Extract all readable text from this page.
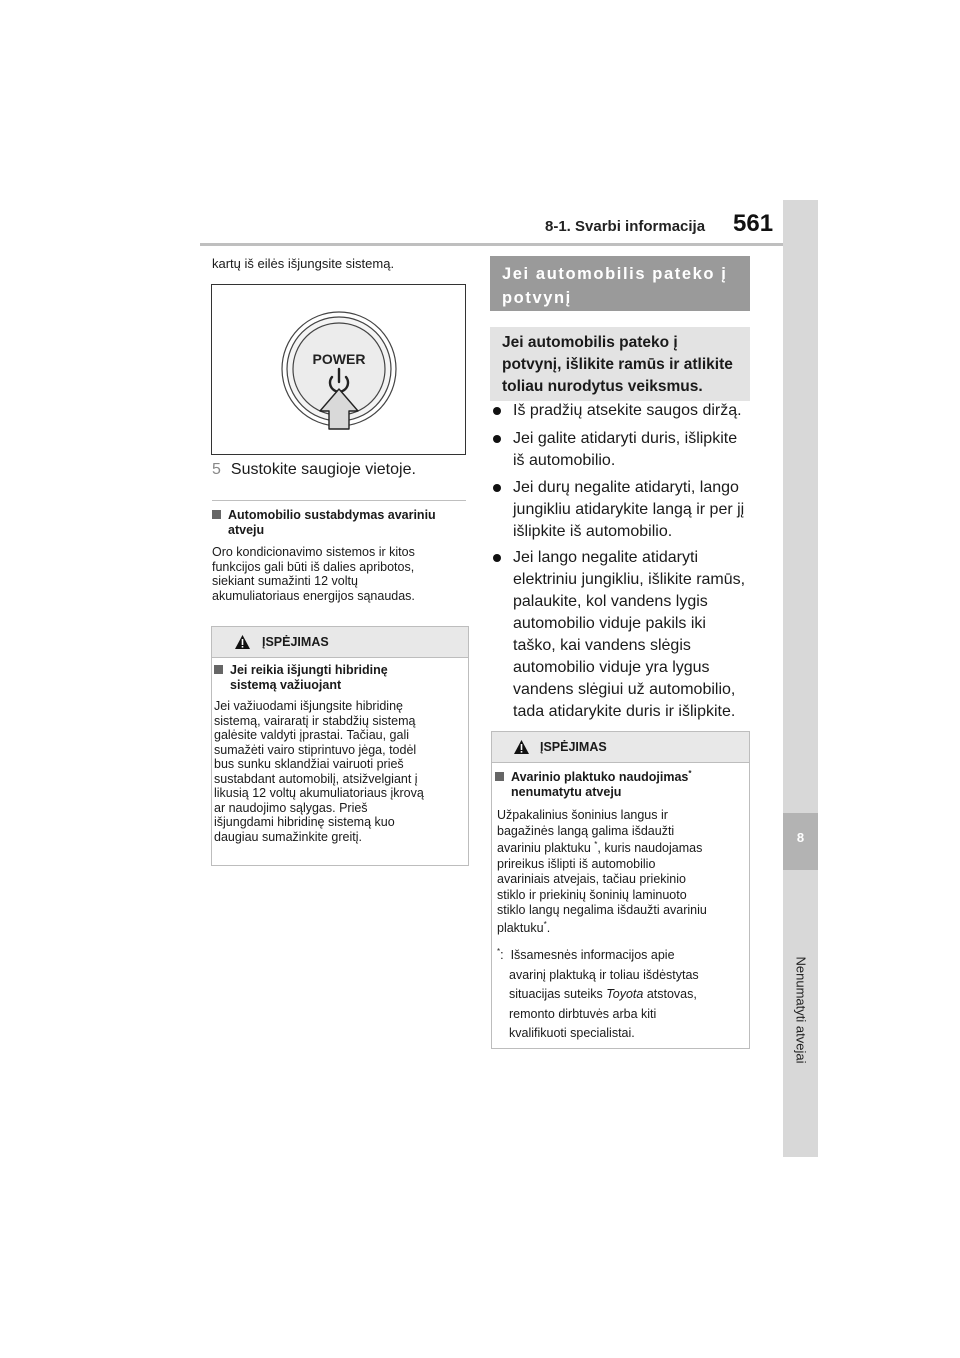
8-1. Svarbi informacija 561
8
Nenumatyti atvejai
kartų iš eilės išjungsite sistemą.
POWER
5 Sustokite saugioje vietoje.
Automobilio sustabdymas avariniu
atveju
Oro kondicionavimo sistemos ir kitos
funkcijos gali būti iš dalies apribotos,
siekiant sumažinti 12 voltų
akumuliatoriaus energijos sąnaudas.
ĮSPĖJIMAS
Jei reikia išjungti hibridinę
sistemą važiuojant
Jei važiuodami išjungsite hibridinę
sistemą, vairaratį ir stabdžių sistemą
galėsite valdyti įprastai. Tačiau, gali
sumažėti vairo stiprintuvo jėga, todėl
bus sunku sklandžiai vairuoti prieš
sustabdant automobilį, atsižvelgiant į
likusią 12 voltų akumuliatoriaus įkrovą
ar naudojimo sąlygas. Prieš
išjungdami hibridinę sistemą kuo
daugiau sumažinkite greitį.
Jei automobilis pateko į
potvynį
Jei automobilis pateko į
potvynį, išlikite ramūs ir atlikite
toliau nurodytus veiksmus.
Iš pradžių atsekite saugos diržą.
Jei galite atidaryti duris, išlipkite
iš automobilio.
Jei durų negalite atidaryti, lango
jungikliu atidarykite langą ir per jį
išlipkite iš automobilio.
Jei lango negalite atidaryti
elektriniu jungikliu, išlikite ramūs,
palaukite, kol vandens lygis
automobilio viduje pakils iki
taško, kai vandens slėgis
automobilio viduje yra lygus
vandens slėgiui už automobilio,
tada atidarykite duris ir išlipkite.
ĮSPĖJIMAS
Avarinio plaktuko naudojimas*
nenumatytu atveju
Užpakalinius šoninius langus ir
bagažinės langą galima išdaužti
avariniu plaktuku *, kuris naudojamas
prireikus išlipti iš automobilio
avariniais atvejais, tačiau priekinio
stiklo ir priekinių šoninių laminuoto
stiklo langų negalima išdaužti avariniu
plaktuku*.
*: Išsamesnės informacijos apie
avarinį plaktuką ir toliau išdėstytas
situacijas suteiks Toyota atstovas,
remonto dirbtuvės arba kiti
kvalifikuoti specialistai.
